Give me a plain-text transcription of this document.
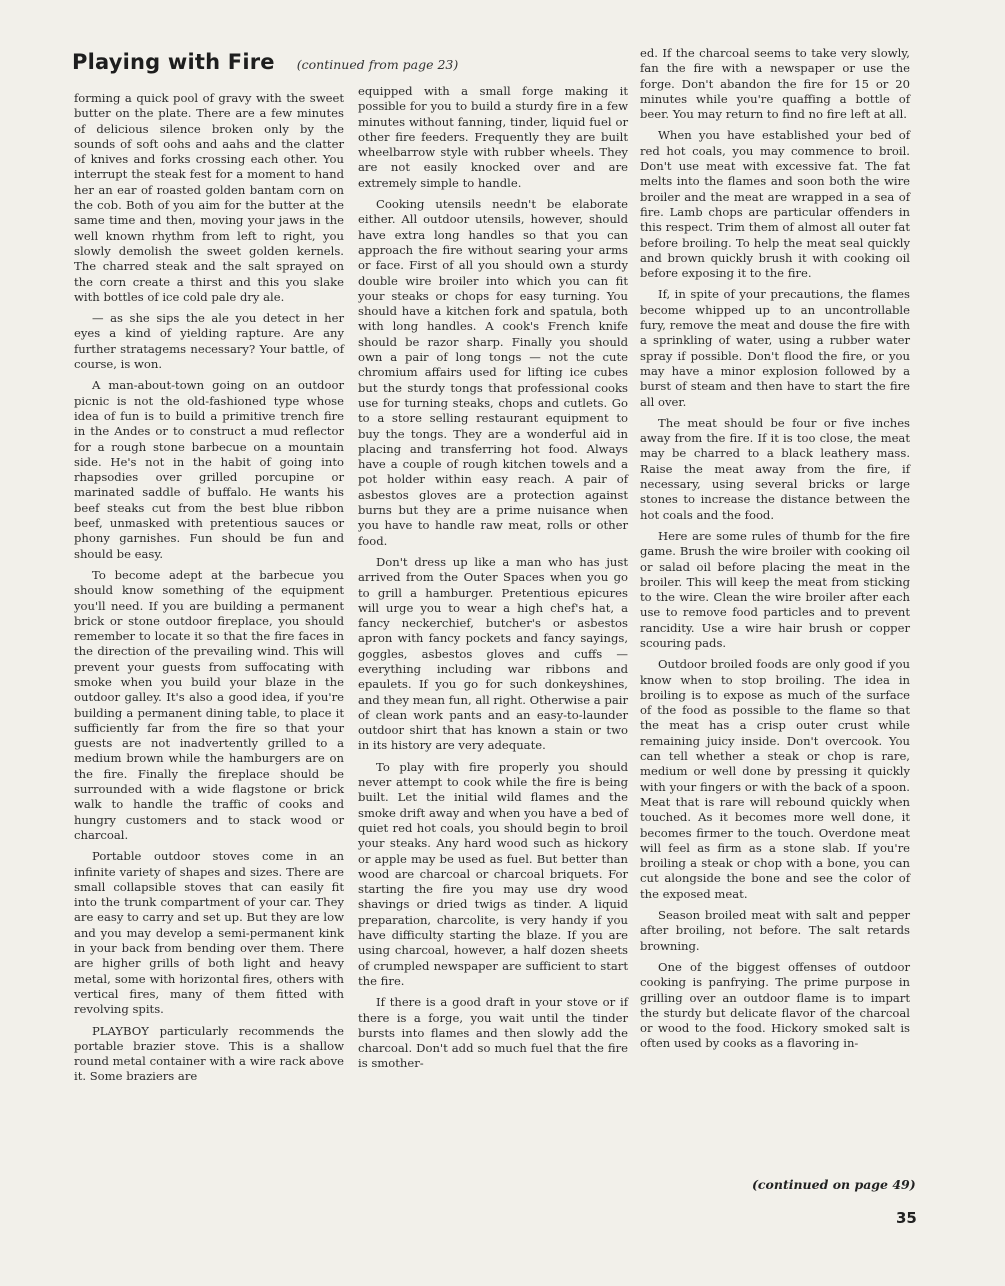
Playing with Fire (continued from page 23)

forming a quick pool of gravy with the sweet butter on the plate. There are a few minutes of delicious silence broken only by the sounds of soft oohs and aahs and the clatter of knives and forks crossing each other. You interrupt the steak fest for a moment to hand her an ear of roasted golden bantam corn on the cob. Both of you aim for the butter at the same time and then, moving your jaws in the well known rhythm from left to right, you slowly demolish the sweet golden kernels. The charred steak and the salt sprayed on the corn create a thirst and this you slake with bottles of ice cold pale dry ale.

— as she sips the ale you detect in her eyes a kind of yielding rapture. Are any further stratagems necessary? Your battle, of course, is won.

A man-about-town going on an outdoor picnic is not the old-fashioned type whose idea of fun is to build a primitive trench fire in the Andes or to construct a mud reflector for a rough stone barbecue on a mountain side. He's not in the habit of going into rhapsodies over grilled porcupine or marinated saddle of buffalo. He wants his beef steaks cut from the best blue ribbon beef, unmasked with pretentious sauces or phony garnishes. Fun should be fun and should be easy.

To become adept at the barbecue you should know something of the equipment you'll need. If you are building a permanent brick or stone outdoor fireplace, you should remember to locate it so that the fire faces in the direction of the prevailing wind. This will prevent your guests from suffocating with smoke when you build your blaze in the outdoor galley. It's also a good idea, if you're building a permanent dining table, to place it sufficiently far from the fire so that your guests are not inadvertently grilled to a medium brown while the hamburgers are on the fire. Finally the fireplace should be surrounded with a wide flagstone or brick walk to handle the traffic of cooks and hungry customers and to stack wood or charcoal.

Portable outdoor stoves come in an infinite variety of shapes and sizes. There are small collapsible stoves that can easily fit into the trunk compartment of your car. They are easy to carry and set up. But they are low and you may develop a semi-permanent kink in your back from bending over them. There are higher grills of both light and heavy metal, some with horizontal fires, others with vertical fires, many of them fitted with revolving spits.

PLAYBOY particularly recommends the portable brazier stove. This is a shallow round metal container with a wire rack above it. Some braziers are

equipped with a small forge making it possible for you to build a sturdy fire in a few minutes without fanning, tinder, liquid fuel or other fire feeders. Frequently they are built wheelbarrow style with rubber wheels. They are not easily knocked over and are extremely simple to handle.

Cooking utensils needn't be elaborate either. All outdoor utensils, however, should have extra long handles so that you can approach the fire without searing your arms or face. First of all you should own a sturdy double wire broiler into which you can fit your steaks or chops for easy turning. You should have a kitchen fork and spatula, both with long handles. A cook's French knife should be razor sharp. Finally you should own a pair of long tongs — not the cute chromium affairs used for lifting ice cubes but the sturdy tongs that professional cooks use for turning steaks, chops and cutlets. Go to a store selling restaurant equipment to buy the tongs. They are a wonderful aid in placing and transferring hot food. Always have a couple of rough kitchen towels and a pot holder within easy reach. A pair of asbestos gloves are a protection against burns but they are a prime nuisance when you have to handle raw meat, rolls or other food.

Don't dress up like a man who has just arrived from the Outer Spaces when you go to grill a hamburger. Pretentious epicures will urge you to wear a high chef's hat, a fancy neckerchief, butcher's or asbestos apron with fancy pockets and fancy sayings, goggles, asbestos gloves and cuffs — everything including war ribbons and epaulets. If you go for such donkeyshines, and they mean fun, all right. Otherwise a pair of clean work pants and an easy-to-launder outdoor shirt that has known a stain or two in its history are very adequate.

To play with fire properly you should never attempt to cook while the fire is being built. Let the initial wild flames and the smoke drift away and when you have a bed of quiet red hot coals, you should begin to broil your steaks. Any hard wood such as hickory or apple may be used as fuel. But better than wood are charcoal or charcoal briquets. For starting the fire you may use dry wood shavings or dried twigs as tinder. A liquid preparation, charcolite, is very handy if you have difficulty starting the blaze. If you are using charcoal, however, a half dozen sheets of crumpled newspaper are sufficient to start the fire.

If there is a good draft in your stove or if there is a forge, you wait until the tinder bursts into flames and then slowly add the charcoal. Don't add so much fuel that the fire is smother-

ed. If the charcoal seems to take very slowly, fan the fire with a newspaper or use the forge. Don't abandon the fire for 15 or 20 minutes while you're quaffing a bottle of beer. You may return to find no fire left at all.

When you have established your bed of red hot coals, you may commence to broil. Don't use meat with excessive fat. The fat melts into the flames and soon both the wire broiler and the meat are wrapped in a sea of fire. Lamb chops are particular offenders in this respect. Trim them of almost all outer fat before broiling. To help the meat seal quickly and brown quickly brush it with cooking oil before exposing it to the fire.

If, in spite of your precautions, the flames become whipped up to an uncontrollable fury, remove the meat and douse the fire with a sprinkling of water, using a rubber water spray if possible. Don't flood the fire, or you may have a minor explosion followed by a burst of steam and then have to start the fire all over.

The meat should be four or five inches away from the fire. If it is too close, the meat may be charred to a black leathery mass. Raise the meat away from the fire, if necessary, using several bricks or large stones to increase the distance between the hot coals and the food.

Here are some rules of thumb for the fire game. Brush the wire broiler with cooking oil or salad oil before placing the meat in the broiler. This will keep the meat from sticking to the wire. Clean the wire broiler after each use to remove food particles and to prevent rancidity. Use a wire hair brush or copper scouring pads.

Outdoor broiled foods are only good if you know when to stop broiling. The idea in broiling is to expose as much of the surface of the food as possible to the flame so that the meat has a crisp outer crust while remaining juicy inside. Don't overcook. You can tell whether a steak or chop is rare, medium or well done by pressing it quickly with your fingers or with the back of a spoon. Meat that is rare will rebound quickly when touched. As it becomes more well done, it becomes firmer to the touch. Overdone meat will feel as firm as a stone slab. If you're broiling a steak or chop with a bone, you can cut alongside the bone and see the color of the exposed meat.

Season broiled meat with salt and pepper after broiling, not before. The salt retards browning.

One of the biggest offenses of outdoor cooking is panfrying. The prime purpose in grilling over an outdoor flame is to impart the sturdy but delicate flavor of the charcoal or wood to the food. Hickory smoked salt is often used by cooks as a flavoring in-

(continued on page 49)
35
